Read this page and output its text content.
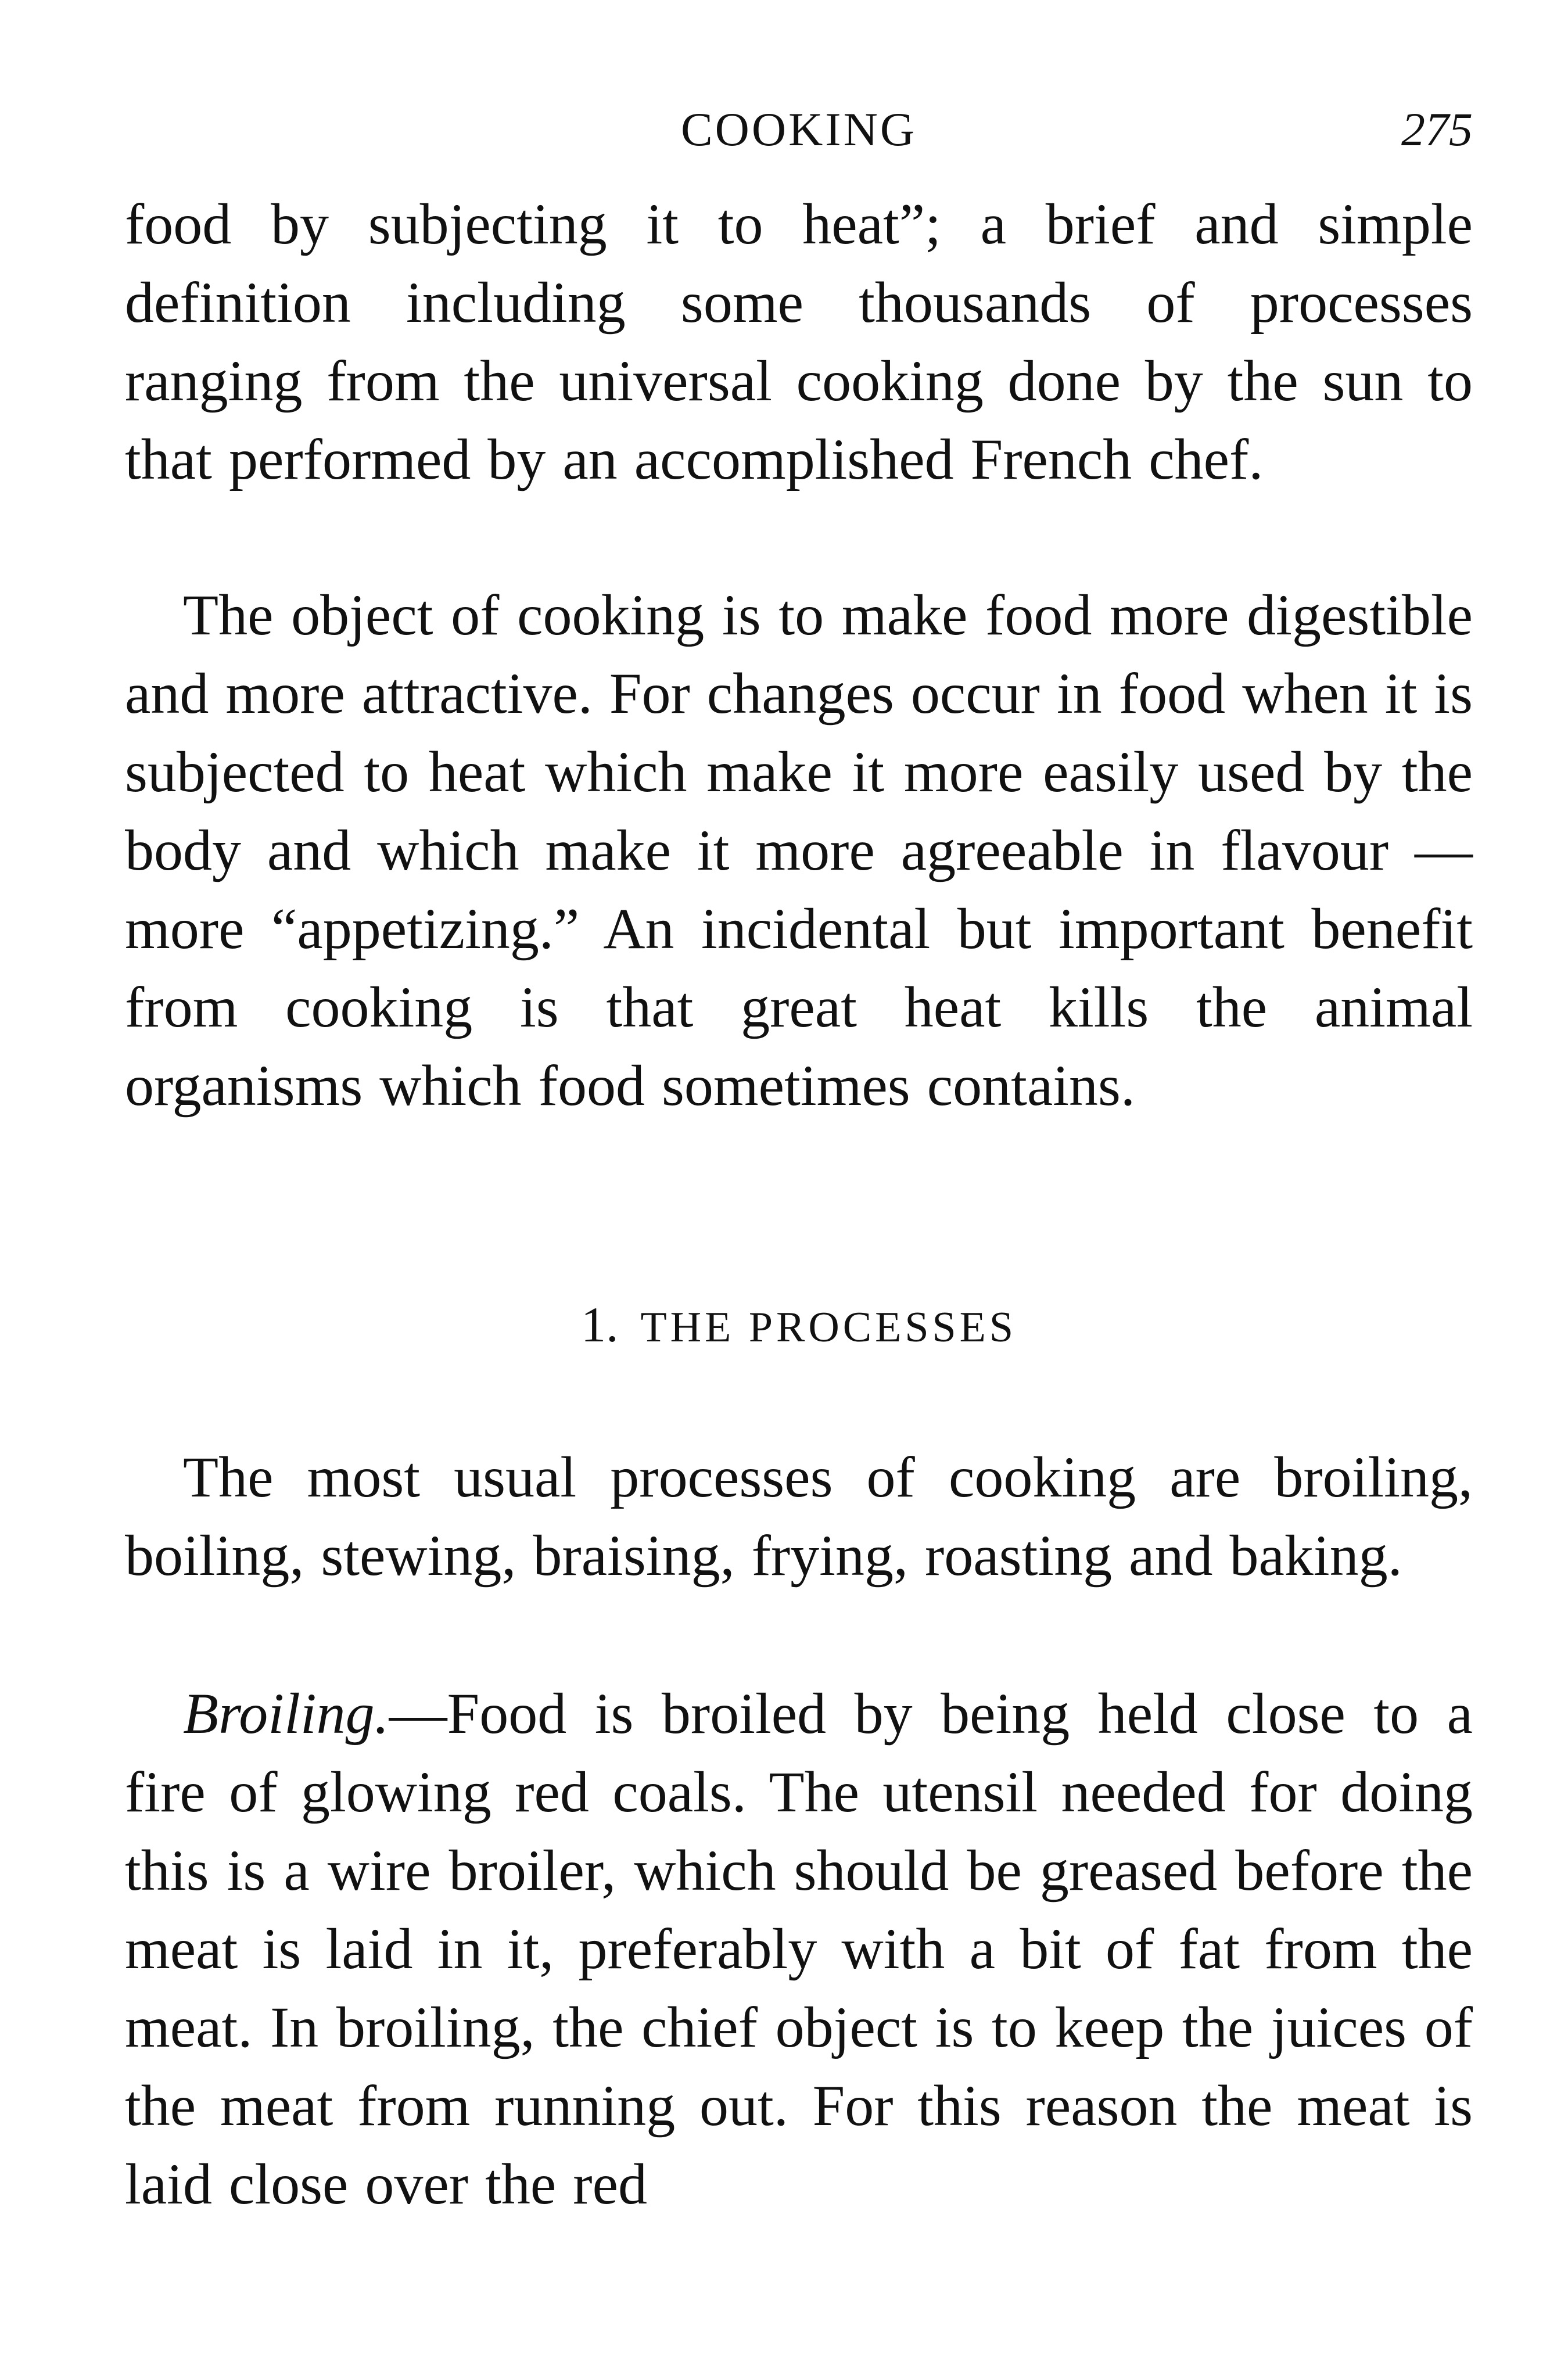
COOKING	275

food by subjecting it to heat”; a brief and simple definition including some thousands of processes ranging from the universal cooking done by the sun to that performed by an accomplished French chef.

The object of cooking is to make food more digestible and more attractive. For changes occur in food when it is subjected to heat which make it more easily used by the body and which make it more agreeable in flavour — more “appetizing.” An incidental but important benefit from cooking is that great heat kills the animal organisms which food sometimes contains.

1. THE PROCESSES

The most usual processes of cooking are broiling, boiling, stewing, braising, frying, roasting and baking.

Broiling.—Food is broiled by being held close to a fire of glowing red coals. The utensil needed for doing this is a wire broiler, which should be greased before the meat is laid in it, preferably with a bit of fat from the meat. In broiling, the chief object is to keep the juices of the meat from running out. For this reason the meat is laid close over the red
